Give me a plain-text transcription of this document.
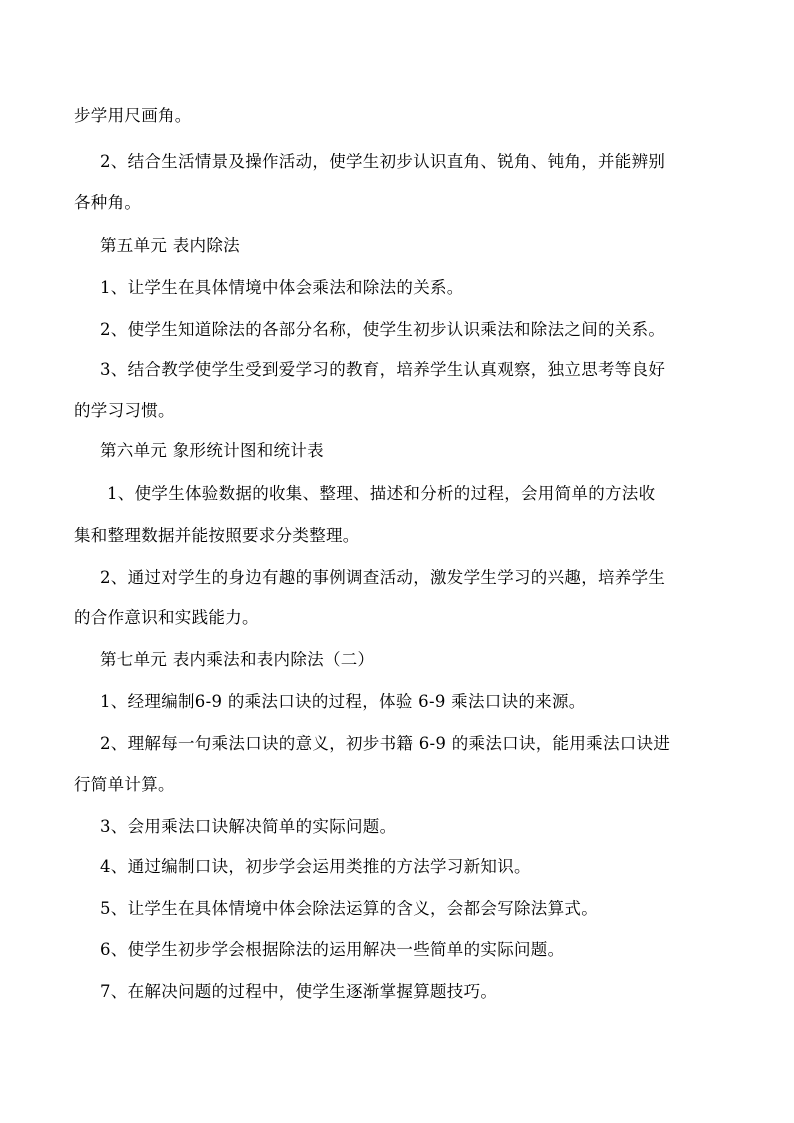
步学用尺画角。
2、结合生活情景及操作活动，使学生初步认识直角、锐角、钝角，并能辨别
各种角。
第五单元 表内除法
1、让学生在具体情境中体会乘法和除法的关系。
2、使学生知道除法的各部分名称，使学生初步认识乘法和除法之间的关系。
3、结合教学使学生受到爱学习的教育，培养学生认真观察，独立思考等良好
的学习习惯。
第六单元 象形统计图和统计表
1、使学生体验数据的收集、整理、描述和分析的过程，会用简单的方法收
集和整理数据并能按照要求分类整理。
2、通过对学生的身边有趣的事例调查活动，激发学生学习的兴趣，培养学生
的合作意识和实践能力。
第七单元 表内乘法和表内除法（二）
1、经理编制6-9 的乘法口诀的过程，体验 6-9 乘法口诀的来源。
2、理解每一句乘法口诀的意义，初步书籍 6-9 的乘法口诀，能用乘法口诀进
行简单计算。
3、会用乘法口诀解决简单的实际问题。
4、通过编制口诀，初步学会运用类推的方法学习新知识。
5、让学生在具体情境中体会除法运算的含义，会都会写除法算式。
6、使学生初步学会根据除法的运用解决一些简单的实际问题。
7、在解决问题的过程中，使学生逐渐掌握算题技巧。
